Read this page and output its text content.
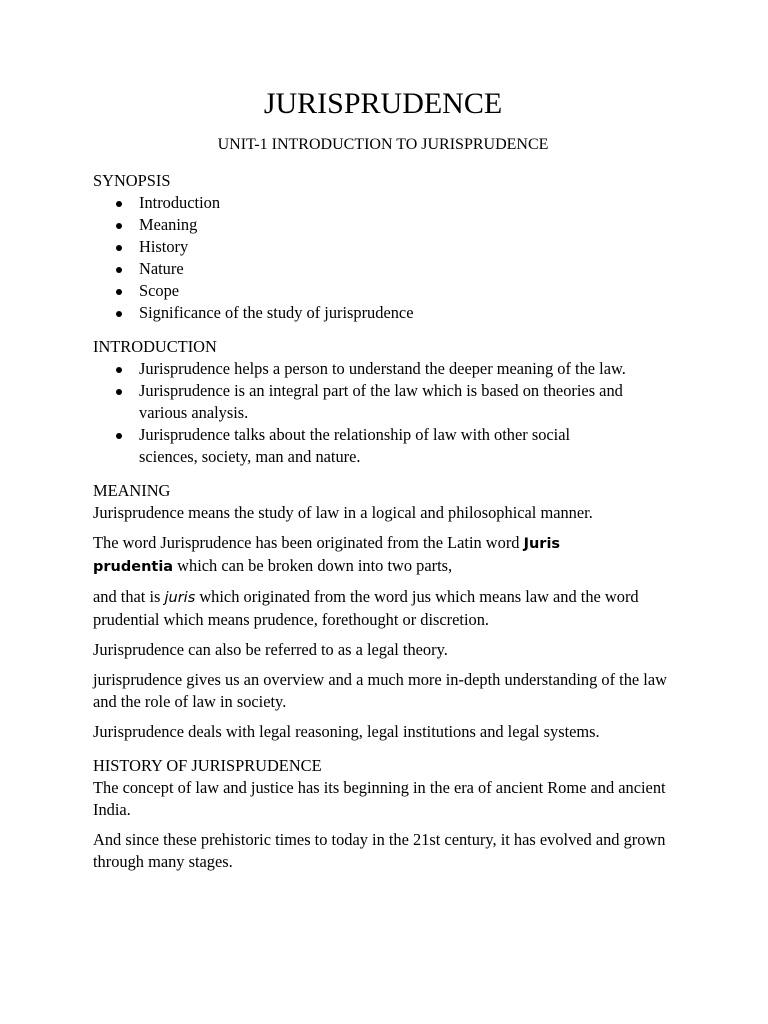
JURISPRUDENCE
UNIT-1 INTRODUCTION TO JURISPRUDENCE
SYNOPSIS
Introduction
Meaning
History
Nature
Scope
Significance of the study of jurisprudence
INTRODUCTION
Jurisprudence helps a person to understand the deeper meaning of the law.
Jurisprudence is an integral part of the law which is based on theories and various analysis.
Jurisprudence talks about the relationship of law with other social sciences, society, man and nature.
MEANING

Jurisprudence means the study of law in a logical and philosophical manner.

The word Jurisprudence has been originated from the Latin word Juris prudentia which can be broken down into two parts,

and that is juris which originated from the word jus which means law and the word prudential which means prudence, forethought or discretion.

Jurisprudence can also be referred to as a legal theory.

jurisprudence gives us an overview and a much more in-depth understanding of the law and the role of law in society.

Jurisprudence deals with legal reasoning, legal institutions and legal systems.

HISTORY OF JURISPRUDENCE

The concept of law and justice has its beginning in the era of ancient Rome and ancient India.

And since these prehistoric times to today in the 21st century, it has evolved and grown through many stages.
